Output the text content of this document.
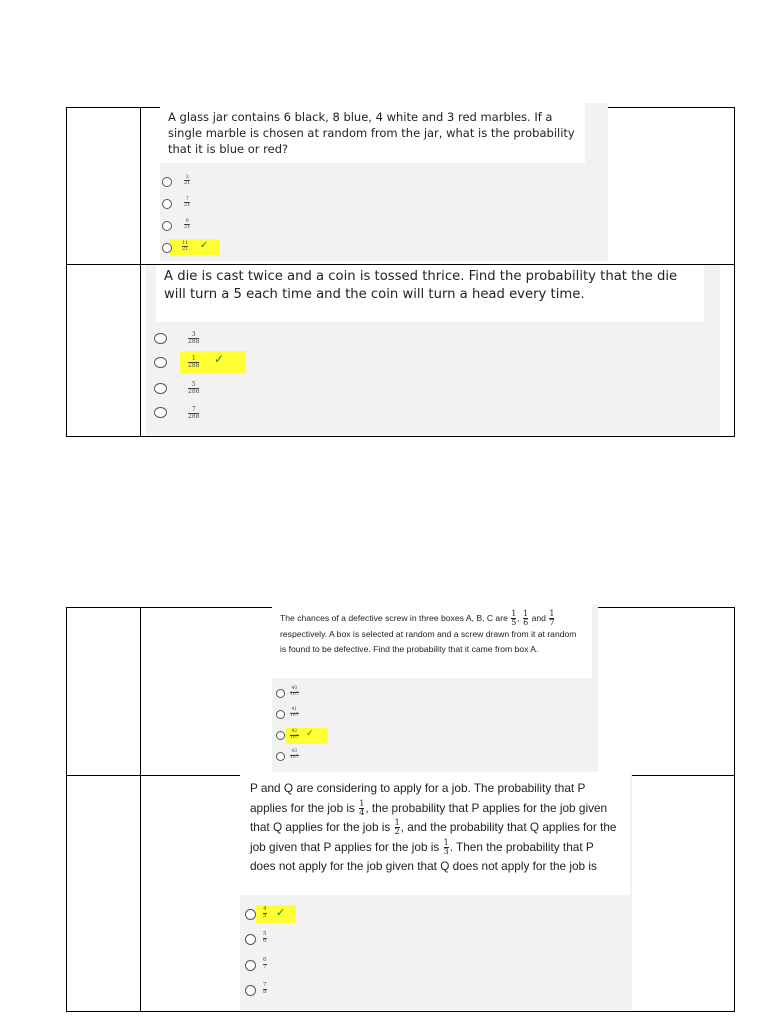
A glass jar contains 6 black, 8 blue, 4 white and 3 red marbles. If a single marble is chosen at random from the jar, what is the probability that it is blue or red?
3
21
7
21
9
21
11
21 ✓
A die is cast twice and a coin is tossed thrice. Find the probability that the die will turn a 5 each time and the coin will turn a head every time.
3
288
1
288 ✓
5
288
7
288
The chances of a defective screw in three boxes A, B, C are $\frac{1}{5}$ , $\frac{1}{6}$ and $\frac{1}{7}$
respectively. A box is selected at random and a screw drawn from it at random is found to be defective. Find the probability that it came from box A.
40
107
41
107
42
107 ✓
43
107
P and Q are considering to apply for a job. The probability that P applies for the job is $\frac{1}{4}$ , the probability that P applies for the job given that Q applies for the job is $\frac{1}{2}$ , and the probability that Q applies for the job given that P applies for the job is $\frac{1}{3}$ . Then the probability that P does not apply for the job given that Q does not apply for the job is
4
5 ✓
5
6
6
7
7
8
